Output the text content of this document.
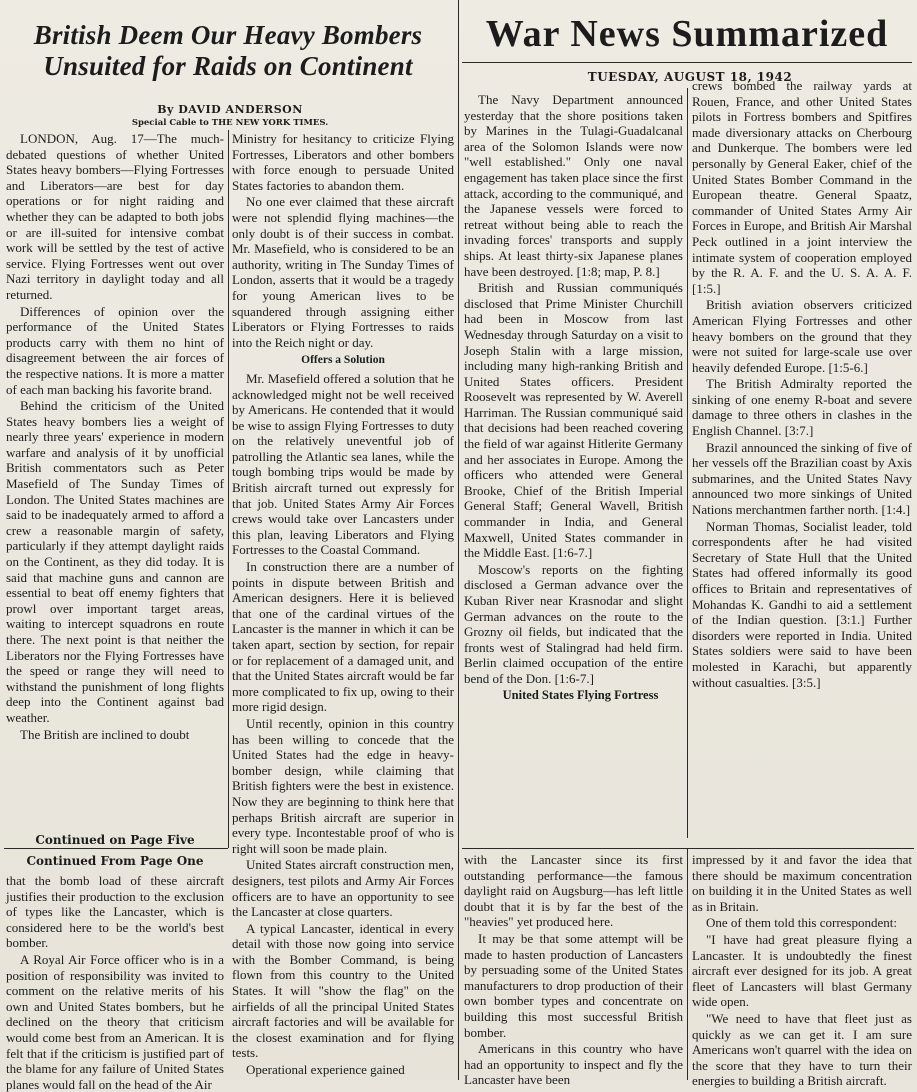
British Deem Our Heavy Bombers
Unsuited for Raids on Continent
By DAVID ANDERSON
Special Cable to THE NEW YORK TIMES.
War News Summarized
TUESDAY, AUGUST 18, 1942

LONDON, Aug. 17—The much-debated questions of whether United States heavy bombers—Flying Fortresses and Liberators—are best for day operations or for night raiding and whether they can be adapted to both jobs or are ill-suited for intensive combat work will be settled by the test of active service. Flying Fortresses went out over Nazi territory in daylight today and all returned.

Differences of opinion over the performance of the United States products carry with them no hint of disagreement between the air forces of the respective nations. It is more a matter of each man backing his favorite brand.

Behind the criticism of the United States heavy bombers lies a weight of nearly three years' experience in modern warfare and analysis of it by unofficial British commentators such as Peter Masefield of The Sunday Times of London. The United States machines are said to be inadequately armed to afford a crew a reasonable margin of safety, particularly if they attempt daylight raids on the Continent, as they did today. It is said that machine guns and cannon are essential to beat off enemy fighters that prowl over important target areas, waiting to intercept squadrons en route there. The next point is that neither the Liberators nor the Flying Fortresses have the speed or range they will need to withstand the punishment of long flights deep into the Continent against bad weather.

The British are inclined to doubt

Continued on Page Five
Continued From Page One

that the bomb load of these aircraft justifies their production to the exclusion of types like the Lancaster, which is considered here to be the world's best bomber.

A Royal Air Force officer who is in a position of responsibility was invited to comment on the relative merits of his own and United States bombers, but he declined on the theory that criticism would come best from an American. It is felt that if the criticism is justified part of the blame for any failure of United States planes would fall on the head of the Air

Ministry for hesitancy to criticize Flying Fortresses, Liberators and other bombers with force enough to persuade United States factories to abandon them.

No one ever claimed that these aircraft were not splendid flying machines—the only doubt is of their success in combat. Mr. Masefield, who is considered to be an authority, writing in The Sunday Times of London, asserts that it would be a tragedy for young American lives to be squandered through assigning either Liberators or Flying Fortresses to raids into the Reich night or day.

Offers a Solution

Mr. Masefield offered a solution that he acknowledged might not be well received by Americans. He contended that it would be wise to assign Flying Fortresses to duty on the relatively uneventful job of patrolling the Atlantic sea lanes, while the tough bombing trips would be made by British aircraft turned out expressly for that job. United States Army Air Forces crews would take over Lancasters under this plan, leaving Liberators and Flying Fortresses to the Coastal Command.

In construction there are a number of points in dispute between British and American designers. Here it is believed that one of the cardinal virtues of the Lancaster is the manner in which it can be taken apart, section by section, for repair or for replacement of a damaged unit, and that the United States aircraft would be far more complicated to fix up, owing to their more rigid design.

Until recently, opinion in this country has been willing to concede that the United States had the edge in heavy-bomber design, while claiming that British fighters were the best in existence. Now they are beginning to think here that perhaps British aircraft are superior in every type. Incontestable proof of who is right will soon be made plain.

United States aircraft construction men, designers, test pilots and Army Air Forces officers are to have an opportunity to see the Lancaster at close quarters.

A typical Lancaster, identical in every detail with those now going into service with the Bomber Command, is being flown from this country to the United States. It will "show the flag" on the airfields of all the principal United States aircraft factories and will be available for the closest examination and for flying tests.

Operational experience gained

The Navy Department announced yesterday that the shore positions taken by Marines in the Tulagi-Guadalcanal area of the Solomon Islands were now "well established." Only one naval engagement has taken place since the first attack, according to the communiqué, and the Japanese vessels were forced to retreat without being able to reach the invading forces' transports and supply ships. At least thirty-six Japanese planes have been destroyed. [1:8; map, P. 8.]

British and Russian communiqués disclosed that Prime Minister Churchill had been in Moscow from last Wednesday through Saturday on a visit to Joseph Stalin with a large mission, including many high-ranking British and United States officers. President Roosevelt was represented by W. Averell Harriman. The Russian communiqué said that decisions had been reached covering the field of war against Hitlerite Germany and her associates in Europe. Among the officers who attended were General Brooke, Chief of the British Imperial General Staff; General Wavell, British commander in India, and General Maxwell, United States commander in the Middle East. [1:6-7.]

Moscow's reports on the fighting disclosed a German advance over the Kuban River near Krasnodar and slight German advances on the route to the Grozny oil fields, but indicated that the fronts west of Stalingrad had held firm. Berlin claimed occupation of the entire bend of the Don. [1:6-7.]

United States Flying Fortress

crews bombed the railway yards at Rouen, France, and other United States pilots in Fortress bombers and Spitfires made diversionary attacks on Cherbourg and Dunkerque. The bombers were led personally by General Eaker, chief of the United States Bomber Command in the European theatre. General Spaatz, commander of United States Army Air Forces in Europe, and British Air Marshal Peck outlined in a joint interview the intimate system of cooperation employed by the R. A. F. and the U. S. A. A. F. [1:5.]

British aviation observers criticized American Flying Fortresses and other heavy bombers on the ground that they were not suited for large-scale use over heavily defended Europe. [1:5-6.]

The British Admiralty reported the sinking of one enemy R-boat and severe damage to three others in clashes in the English Channel. [3:7.]

Brazil announced the sinking of five of her vessels off the Brazilian coast by Axis submarines, and the United States Navy announced two more sinkings of United Nations merchantmen farther north. [1:4.]

Norman Thomas, Socialist leader, told correspondents after he had visited Secretary of State Hull that the United States had offered informally its good offices to Britain and representatives of Mohandas K. Gandhi to aid a settlement of the Indian question. [3:1.] Further disorders were reported in India. United States soldiers were said to have been molested in Karachi, but apparently without casualties. [3:5.]

with the Lancaster since its first outstanding performance—the famous daylight raid on Augsburg—has left little doubt that it is by far the best of the "heavies" yet produced here.

It may be that some attempt will be made to hasten production of Lancasters by persuading some of the United States manufacturers to drop production of their own bomber types and concentrate on building this most successful British bomber.

Americans in this country who have had an opportunity to inspect and fly the Lancaster have been

impressed by it and favor the idea that there should be maximum concentration on building it in the United States as well as in Britain.

One of them told this correspondent:

"I have had great pleasure flying a Lancaster. It is undoubtedly the finest aircraft ever designed for its job. A great fleet of Lancasters will blast Germany wide open.

"We need to have that fleet just as quickly as we can get it. I am sure Americans won't quarrel with the idea on the score that they have to turn their energies to building a British aircraft.
